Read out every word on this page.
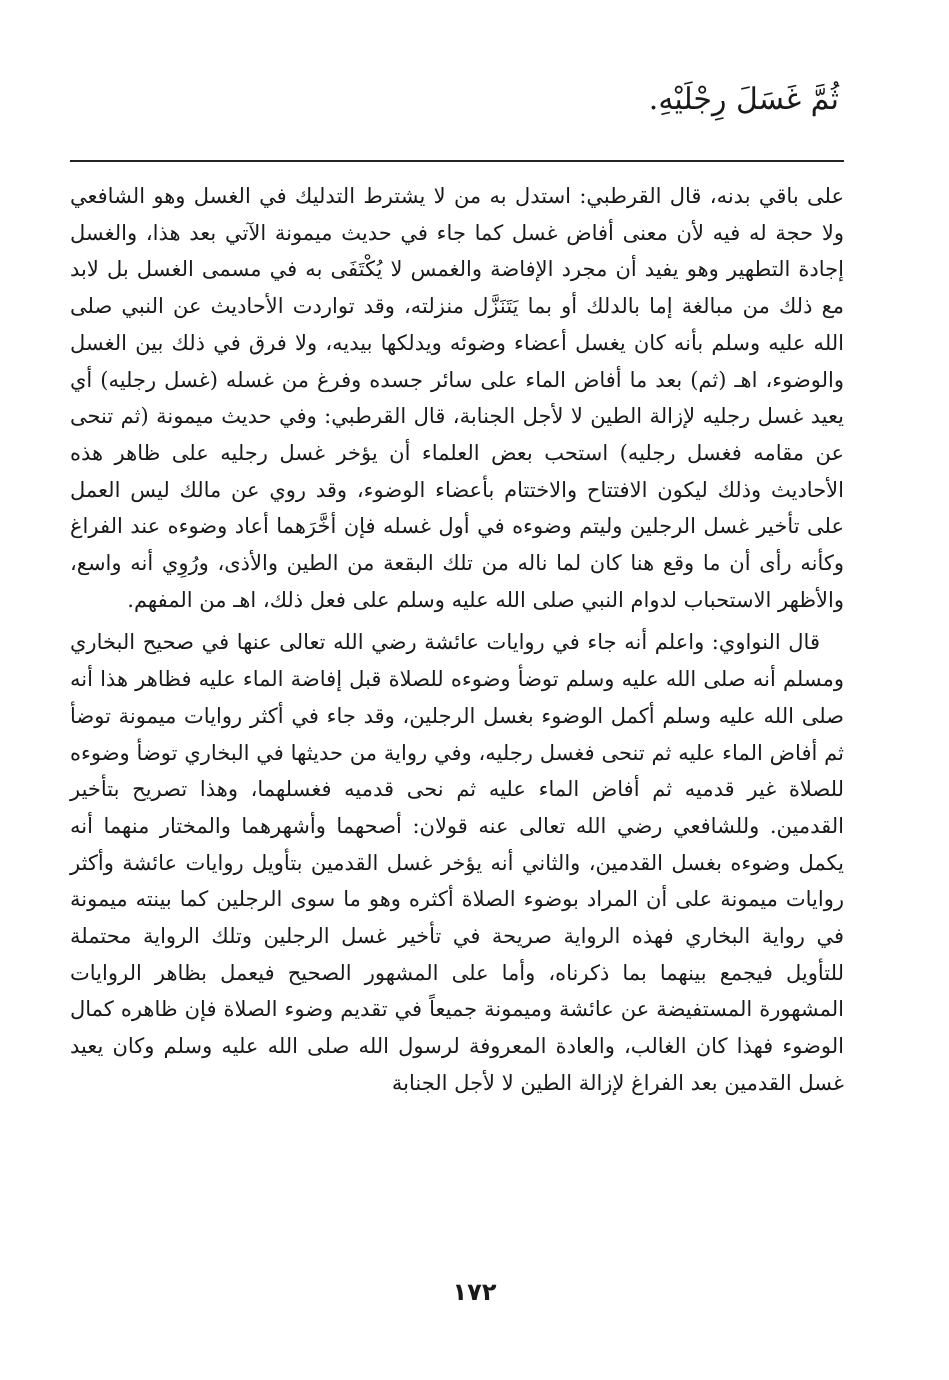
ثُمَّ غَسَلَ رِجْلَيْهِ.

على باقي بدنه، قال القرطبي: استدل به من لا يشترط التدليك في الغسل وهو الشافعي ولا حجة له فيه لأن معنى أفاض غسل كما جاء في حديث ميمونة الآتي بعد هذا، والغسل إجادة التطهير وهو يفيد أن مجرد الإفاضة والغمس لا يُكْتَفَى به في مسمى الغسل بل لابد مع ذلك من مبالغة إما بالدلك أو بما يَتَنَزَّل منزلته، وقد تواردت الأحاديث عن النبي صلى الله عليه وسلم بأنه كان يغسل أعضاء وضوئه ويدلكها بيديه، ولا فرق في ذلك بين الغسل والوضوء، اهـ (ثم) بعد ما أفاض الماء على سائر جسده وفرغ من غسله (غسل رجليه) أي يعيد غسل رجليه لإزالة الطين لا لأجل الجنابة، قال القرطبي: وفي حديث ميمونة (ثم تنحى عن مقامه فغسل رجليه) استحب بعض العلماء أن يؤخر غسل رجليه على ظاهر هذه الأحاديث وذلك ليكون الافتتاح والاختتام بأعضاء الوضوء، وقد روي عن مالك ليس العمل على تأخير غسل الرجلين وليتم وضوءه في أول غسله فإن أخَّرَهما أعاد وضوءه عند الفراغ وكأنه رأى أن ما وقع هنا كان لما ناله من تلك البقعة من الطين والأذى، ورُوِي أنه واسع، والأظهر الاستحباب لدوام النبي صلى الله عليه وسلم على فعل ذلك، اهـ من المفهم.

قال النواوي: واعلم أنه جاء في روايات عائشة رضي الله تعالى عنها في صحيح البخاري ومسلم أنه صلى الله عليه وسلم توضأ وضوءه للصلاة قبل إفاضة الماء عليه فظاهر هذا أنه صلى الله عليه وسلم أكمل الوضوء بغسل الرجلين، وقد جاء في أكثر روايات ميمونة توضأ ثم أفاض الماء عليه ثم تنحى فغسل رجليه، وفي رواية من حديثها في البخاري توضأ وضوءه للصلاة غير قدميه ثم أفاض الماء عليه ثم نحى قدميه فغسلهما، وهذا تصريح بتأخير القدمين. وللشافعي رضي الله تعالى عنه قولان: أصحهما وأشهرهما والمختار منهما أنه يكمل وضوءه بغسل القدمين، والثاني أنه يؤخر غسل القدمين بتأويل روايات عائشة وأكثر روايات ميمونة على أن المراد بوضوء الصلاة أكثره وهو ما سوى الرجلين كما بينته ميمونة في رواية البخاري فهذه الرواية صريحة في تأخير غسل الرجلين وتلك الرواية محتملة للتأويل فيجمع بينهما بما ذكرناه، وأما على المشهور الصحيح فيعمل بظاهر الروايات المشهورة المستفيضة عن عائشة وميمونة جميعاً في تقديم وضوء الصلاة فإن ظاهره كمال الوضوء فهذا كان الغالب، والعادة المعروفة لرسول الله صلى الله عليه وسلم وكان يعيد غسل القدمين بعد الفراغ لإزالة الطين لا لأجل الجنابة

١٧٢
